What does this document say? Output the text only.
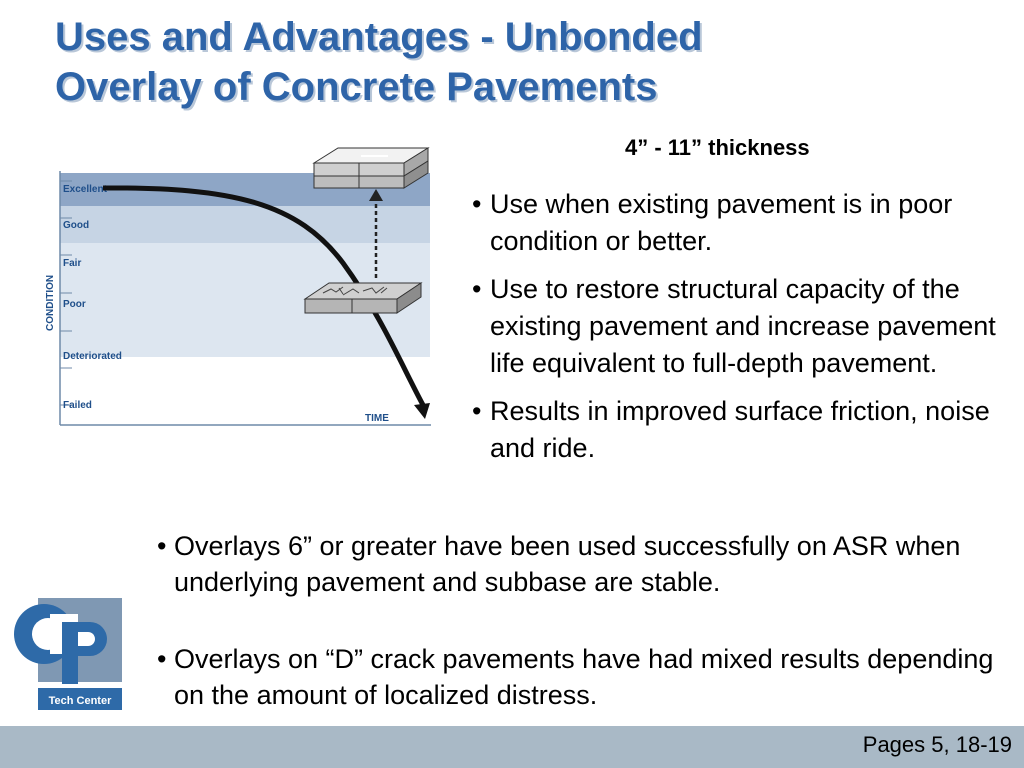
Uses and Advantages - Unbonded
Overlay of Concrete Pavements
Excellent
Good
Fair
Poor
Deteriorated
Failed
CONDITION
TIME
4” - 11” thickness
• Use when existing pavement is in poor condition or better.
• Use to restore structural capacity of the existing pavement and increase pavement life equivalent to full-depth pavement.
• Results in improved surface friction, noise and ride.
• Overlays 6” or greater have been used successfully on ASR when underlying pavement and subbase are stable.
• Overlays on “D” crack pavements have had mixed results depending on the amount of localized distress.
Tech Center
Pages 5, 18-19
